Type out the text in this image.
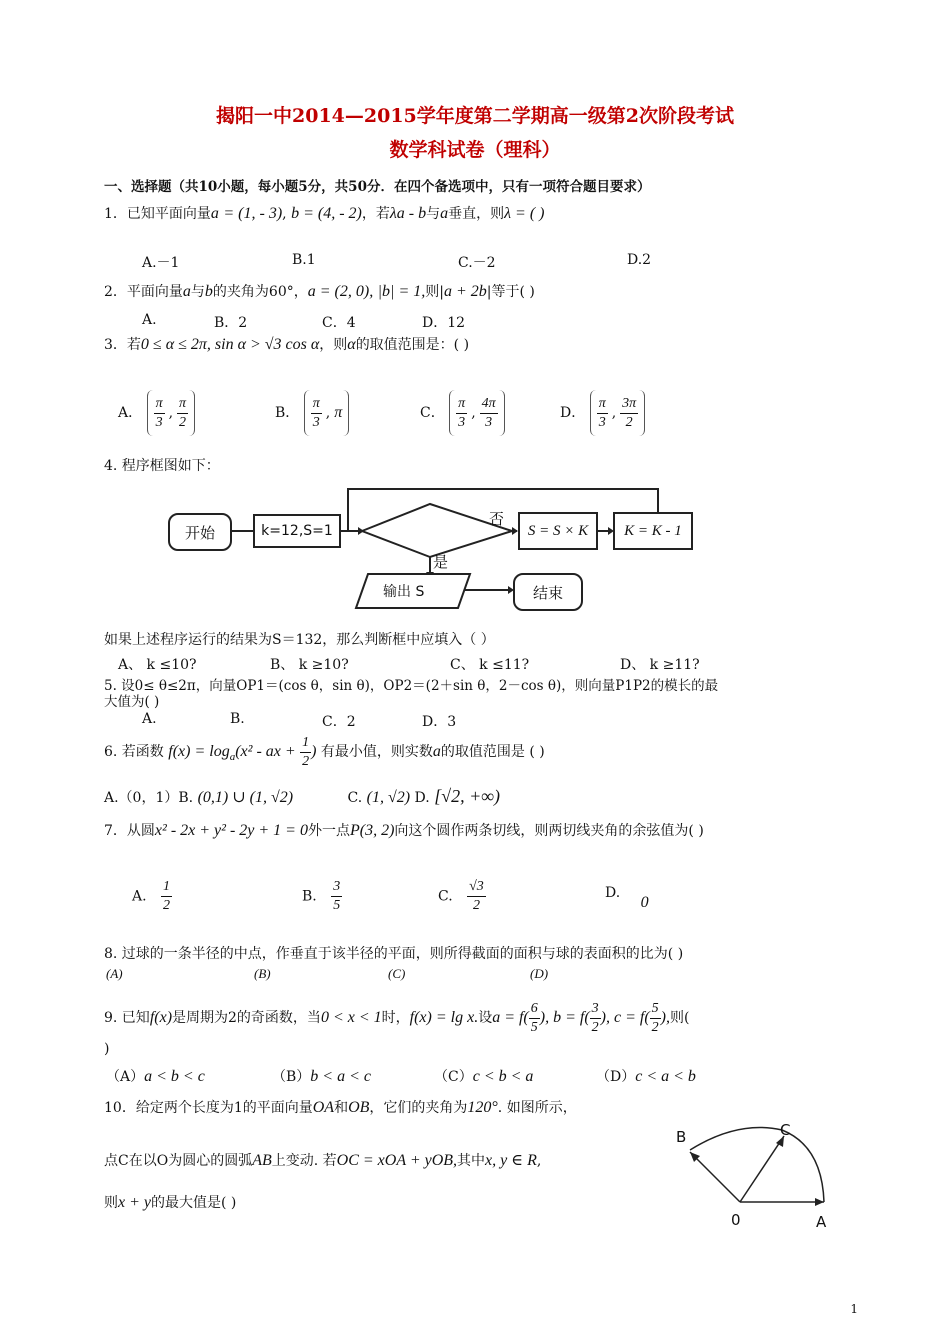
揭阳一中2014—2015学年度第二学期高一级第2次阶段考试
数学科试卷（理科）
一、选择题（共10小题，每小题5分，共50分．在四个备选项中，只有一项符合题目要求）
1．已知平面向量a = (1, - 3), b = (4, - 2)，若λa - b与a垂直，则λ = ( )
A.－1	B.1	C.－2	D.2
2．平面向量a与b的夹角为60°，a = (2, 0), |b| = 1,则|a + 2b|等于( )
A.	B．2	C．4	D．12
3．若0 ≤ α ≤ 2π, sin α > √3 cos α，则α的取值范围是：( )
A． $\frac{\pi}{3}$ , $\frac{\pi}{2}$	B． $\frac{\pi}{3}$ , π	C． $\frac{\pi}{3}$ , $\frac{4\pi}{3}$	D． $\frac{\pi}{3}$ , $\frac{3\pi}{2}$
4. 程序框图如下：
开始	k=12,S=1	S = S × K	K = K - 1
否
是
输出 S	结束
如果上述程序运行的结果为S＝132，那么判断框中应填入（ ）
A、 k ≤10?	B、 k ≥10?	C、 k ≤11?	D、 k ≥11?
5. 设0≤ θ≤2π，向量OP1＝(cos θ，sin θ)，OP2＝(2＋sin θ，2－cos θ)，则向量P1P2的模长的最
大值为( )
A.	B.	C．2	D．3
6. 若函数 $f(x) = \log_a(x^2$ - ax + $\frac{1}{2}$ ) 有最小值，则实数a的取值范围是 ( )
A.（0，1）B. (0,1) ∪ (1, √2)	C. (1, √2) D. [√2, +∞)
7．从圆x² - 2x + y² - 2y + 1 = 0外一点P(3, 2)向这个圆作两条切线，则两切线夹角的余弦值为( )
A. $\frac{1}{2}$	B. $\frac{3}{5}$	C. $\frac{√3}{2}$	D. 0
8. 过球的一条半径的中点，作垂直于该半径的平面，则所得截面的面积与球的表面积的比为( )
(A)	(B)	(C)	(D)
9. 已知f(x)是周期为2的奇函数，当0 < x < 1时，f(x) = lg x.设$a = f( \frac{6}{5}$ ), $b = f( \frac{3}{2}$ ), $c = f( \frac{5}{2}$ ),则(
)
（A）a < b < c	（B）b < a < c	（C）c < b < a	（D）c < a < b
10．给定两个长度为1的平面向量OA和OB，它们的夹角为120°. 如图所示，
点C在以O为圆心的圆弧AB上变动. 若OC = xOA + yOB,其中x, y ∈ R,
则x + y的最大值是( )
B	C
0	A
1
